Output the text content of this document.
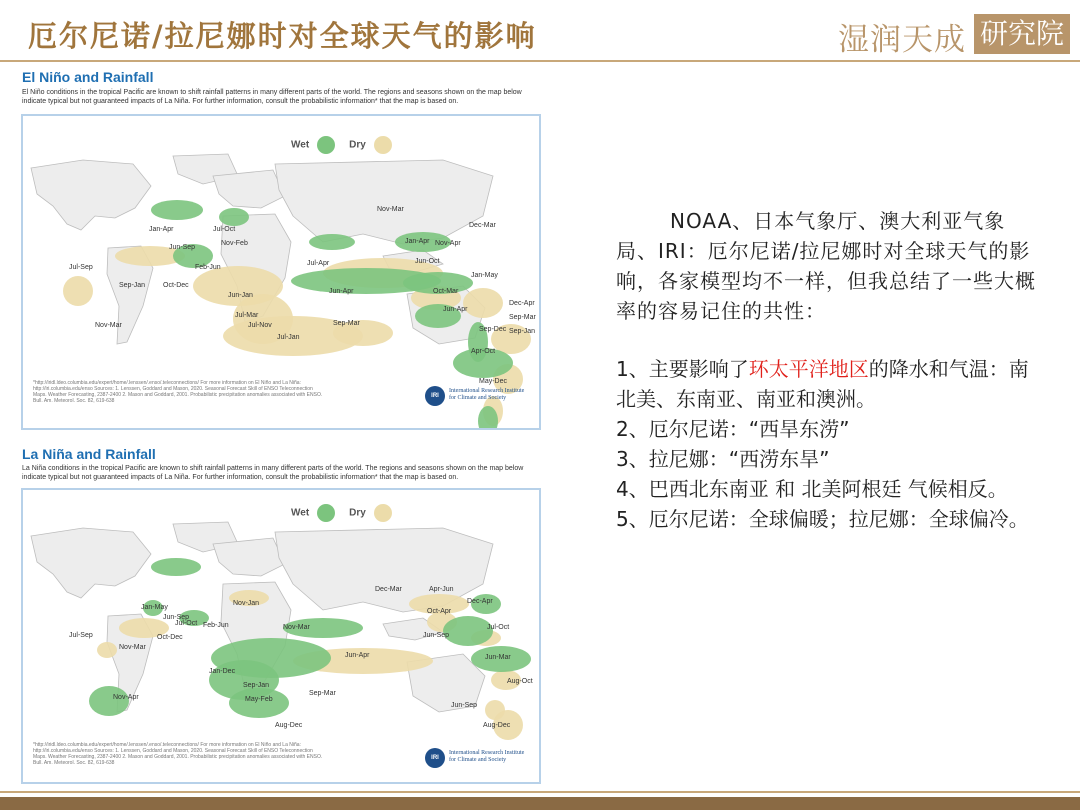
厄尔尼诺/拉尼娜时对全球天气的影响	湿润天成 研究院
El Niño and Rainfall
El Niño conditions in the tropical Pacific are known to shift rainfall patterns in many different parts of the world. The regions and seasons shown on the map below indicate typical but not guaranteed impacts of La Niña. For further information, consult the probabilistic information* that the map is based on.
Wet	Dry
Jan-Apr	Jul-Oct
Jun-Sep
Nov-Feb
Feb-Jun
Oct-Dec
Jul-Sep
Sep-Jan
Nov-Mar
Jun-Jan
Jul-Mar
Jul-Nov
Jul-Jan
Jul-Apr
Jun-Apr
Sep-Mar
Nov-Mar
Dec-Mar
Jan-Apr Nov-Apr
Jun-Oct
Oct-Mar
Jan-May
Jun-Apr
Dec-Apr
Sep-Mar
Sep-Dec
Apr-Oct
Sep-Jan
May-Dec
*http://iridl.ldeo.columbia.edu/expert/home/.lenssen/.enso/.teleconnections/ For more information on El Niño and La Niña: http://iri.columbia.edu/enso Sources: 1. Lenssen, Goddard and Mason, 2020. Seasonal Forecast Skill of ENSO Teleconnection Maps. Weather Forecasting, 2387-2400 2. Mason and Goddard, 2001. Probabilistic precipitation anomalies associated with ENSO. Bull. Am. Meteorol. Soc. 82, 619-638
IRI
International Research Institute for Climate and Society
La Niña and Rainfall
La Niña conditions in the tropical Pacific are known to shift rainfall patterns in many different parts of the world. The regions and seasons shown on the map below indicate typical but not guaranteed impacts of La Niña. For further information, consult the probabilistic information* that the map is based on.
Wet	Dry
Jan-May
Jun-Sep
Oct-Dec
Nov-Jan
Jul-Sep
Nov-Mar
Jul-Oct Feb-Jun	Nov-Mar
Nov-Apr
Jan-Dec
Jun-Apr
Sep-Jan
May-Feb
Sep-Mar
Aug-Dec
Dec-Mar	Apr-Jun
Oct-Apr
Dec-Apr
Jul-Oct
Jun-Sep
Jun-Mar
Aug-Oct
Jun-Sep
Aug-Dec
*http://iridl.ldeo.columbia.edu/expert/home/.lenssen/.enso/.teleconnections/ For more information on El Niño and La Niña: http://iri.columbia.edu/enso Sources: 1. Lenssen, Goddard and Mason, 2020. Seasonal Forecast Skill of ENSO Teleconnection Maps. Weather Forecasting, 2387-2400 2. Mason and Goddard, 2001. Probabilistic precipitation anomalies associated with ENSO. Bull. Am. Meteorol. Soc. 82, 619-638
IRI
International Research Institute for Climate and Society

NOAA、日本气象厅、澳大利亚气象局、IRI：厄尔尼诺/拉尼娜时对全球天气的影响，各家模型均不一样，但我总结了一些大概率的容易记住的共性：

1、主要影响了环太平洋地区的降水和气温：南北美、东南亚、南亚和澳洲。

2、厄尔尼诺：“西旱东涝”

3、拉尼娜：“西涝东旱”

4、巴西北东南亚 和 北美阿根廷 气候相反。

5、厄尔尼诺：全球偏暖；拉尼娜：全球偏冷。
